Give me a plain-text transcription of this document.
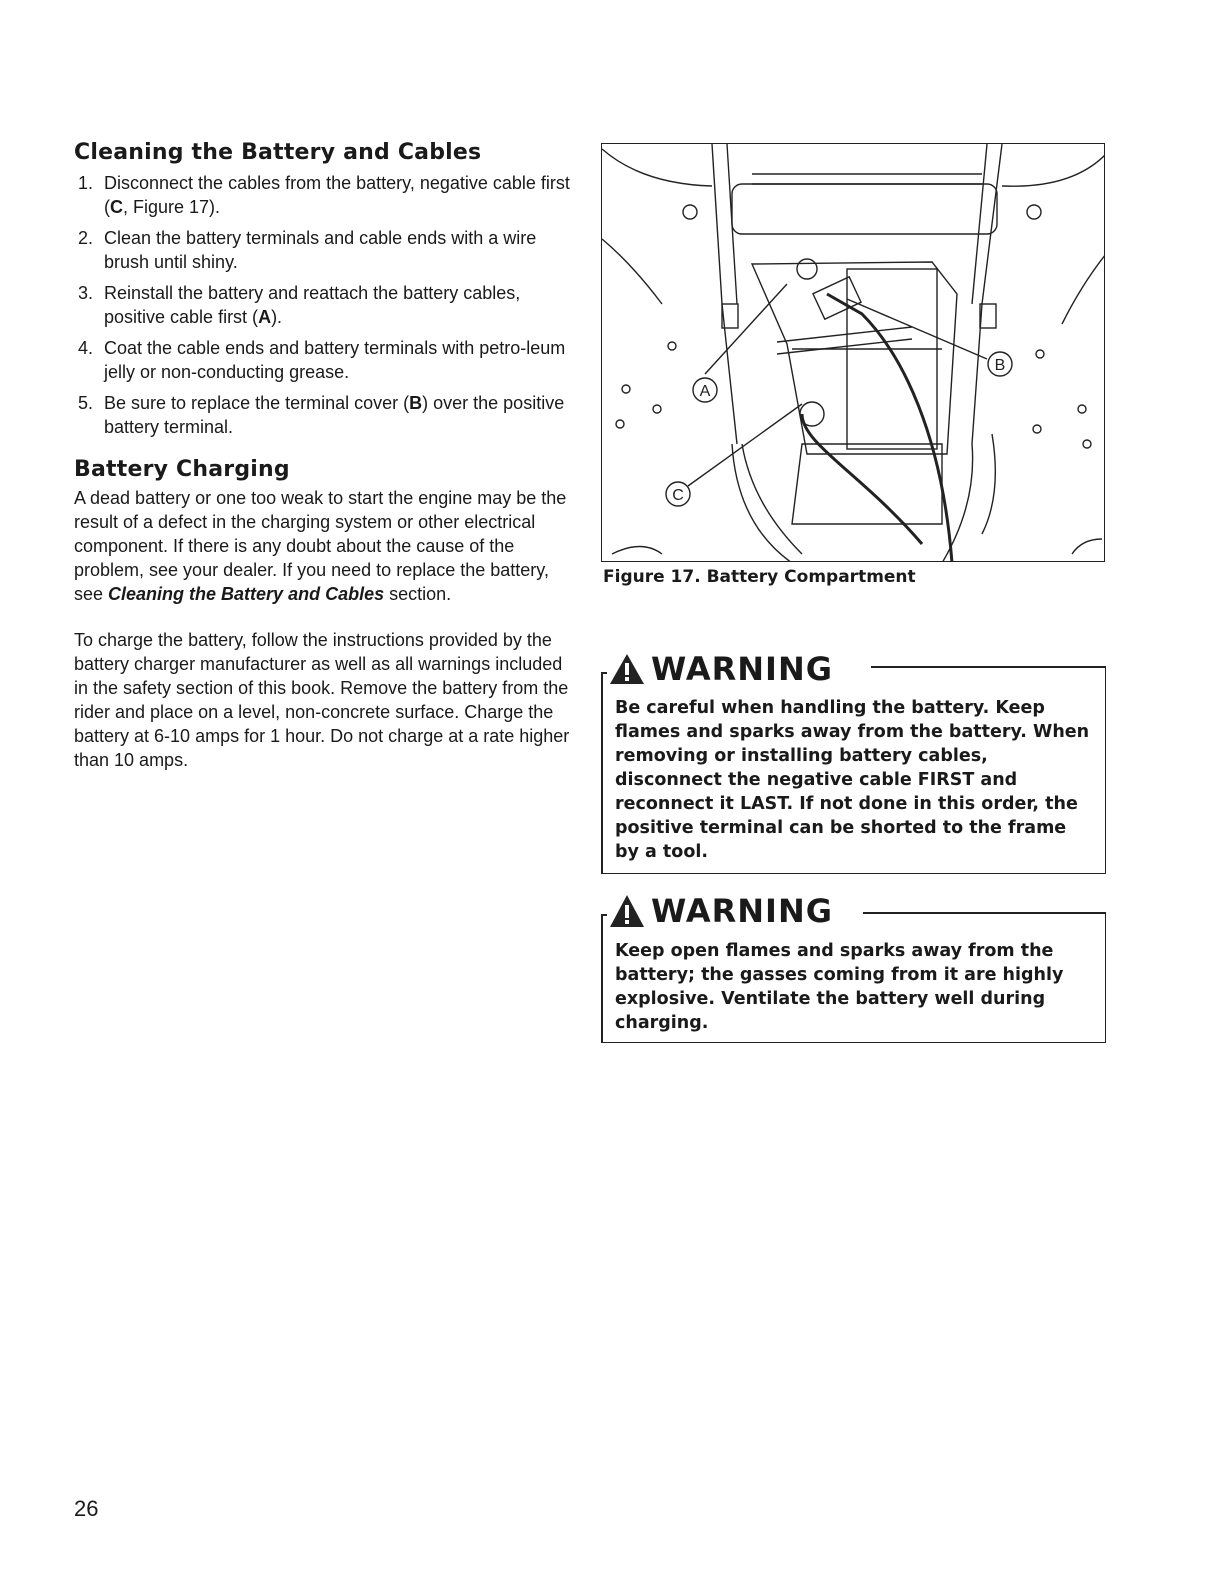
Cleaning the Battery and Cables
1. Disconnect the cables from the battery, negative cable first (C, Figure 17).
2. Clean the battery terminals and cable ends with a wire brush until shiny.
3. Reinstall the battery and reattach the battery cables, positive cable first (A).
4. Coat the cable ends and battery terminals with petro-leum jelly or non-conducting grease.
5. Be sure to replace the terminal cover (B) over the positive battery terminal.
Battery Charging

A dead battery or one too weak to start the engine may be the result of a defect in the charging system or other electrical component. If there is any doubt about the cause of the problem, see your dealer. If you need to replace the battery, see Cleaning the Battery and Cables section.

To charge the battery, follow the instructions provided by the battery charger manufacturer as well as all warnings included in the safety section of this book. Remove the battery from the rider and place on a level, non-concrete surface. Charge the battery at 6-10 amps for 1 hour. Do not charge at a rate higher than 10 amps.

A
B
C
Figure 17. Battery Compartment
WARNING
Be careful when handling the battery. Keep flames and sparks away from the battery. When removing or installing battery cables, disconnect the negative cable FIRST and reconnect it LAST. If not done in this order, the positive terminal can be shorted to the frame by a tool.
WARNING
Keep open flames and sparks away from the battery; the gasses coming from it are highly explosive. Ventilate the battery well during charging.
26
